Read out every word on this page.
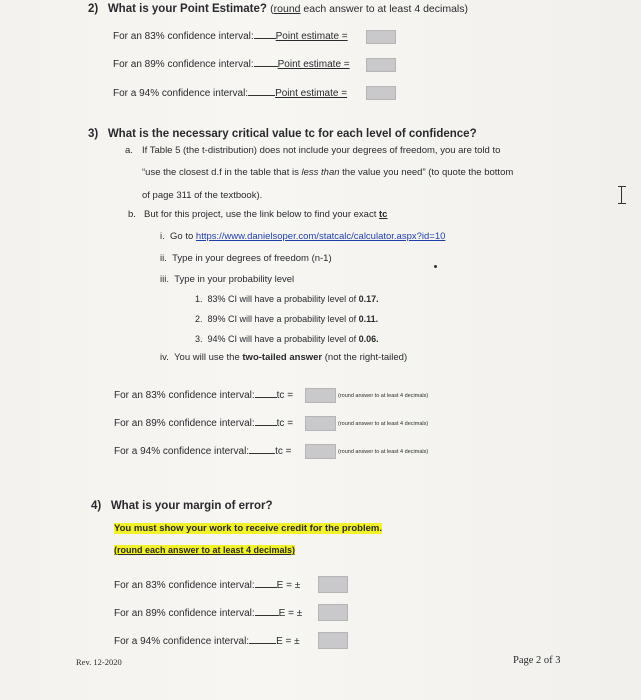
2) What is your Point Estimate? (round each answer to at least 4 decimals)
For an 83% confidence interval: Point estimate =
For an 89% confidence interval: Point estimate =
For a 94% confidence interval:	Point estimate =
3) What is the necessary critical value tc for each level of confidence?
a. If Table 5 (the t-distribution) does not include your degrees of freedom, you are told to
“use the closest d.f in the table that is less than the value you need” (to quote the bottom
of page 311 of the textbook).
b. But for this project, use the link below to find your exact tc
i. Go to https://www.danielsoper.com/statcalc/calculator.aspx?id=10
ii. Type in your degrees of freedom (n-1)
iii. Type in your probability level
1. 83% CI will have a probability level of 0.17.
2. 89% CI will have a probability level of 0.11.
3. 94% CI will have a probability level of 0.06.
iv. You will use the two-tailed answer (not the right-tailed)
For an 83% confidence interval: tc =	(round answer to at least 4 decimals)
For an 89% confidence interval: tc =	(round answer to at least 4 decimals)
For a 94% confidence interval:	tc =	(round answer to at least 4 decimals)
4) What is your margin of error?
You must show your work to receive credit for the problem.
(round each answer to at least 4 decimals)
For an 83% confidence interval: E = ±
For an 89% confidence interval: E = ±
For a 94% confidence interval:	E = ±
Rev. 12-2020	Page 2 of 3
